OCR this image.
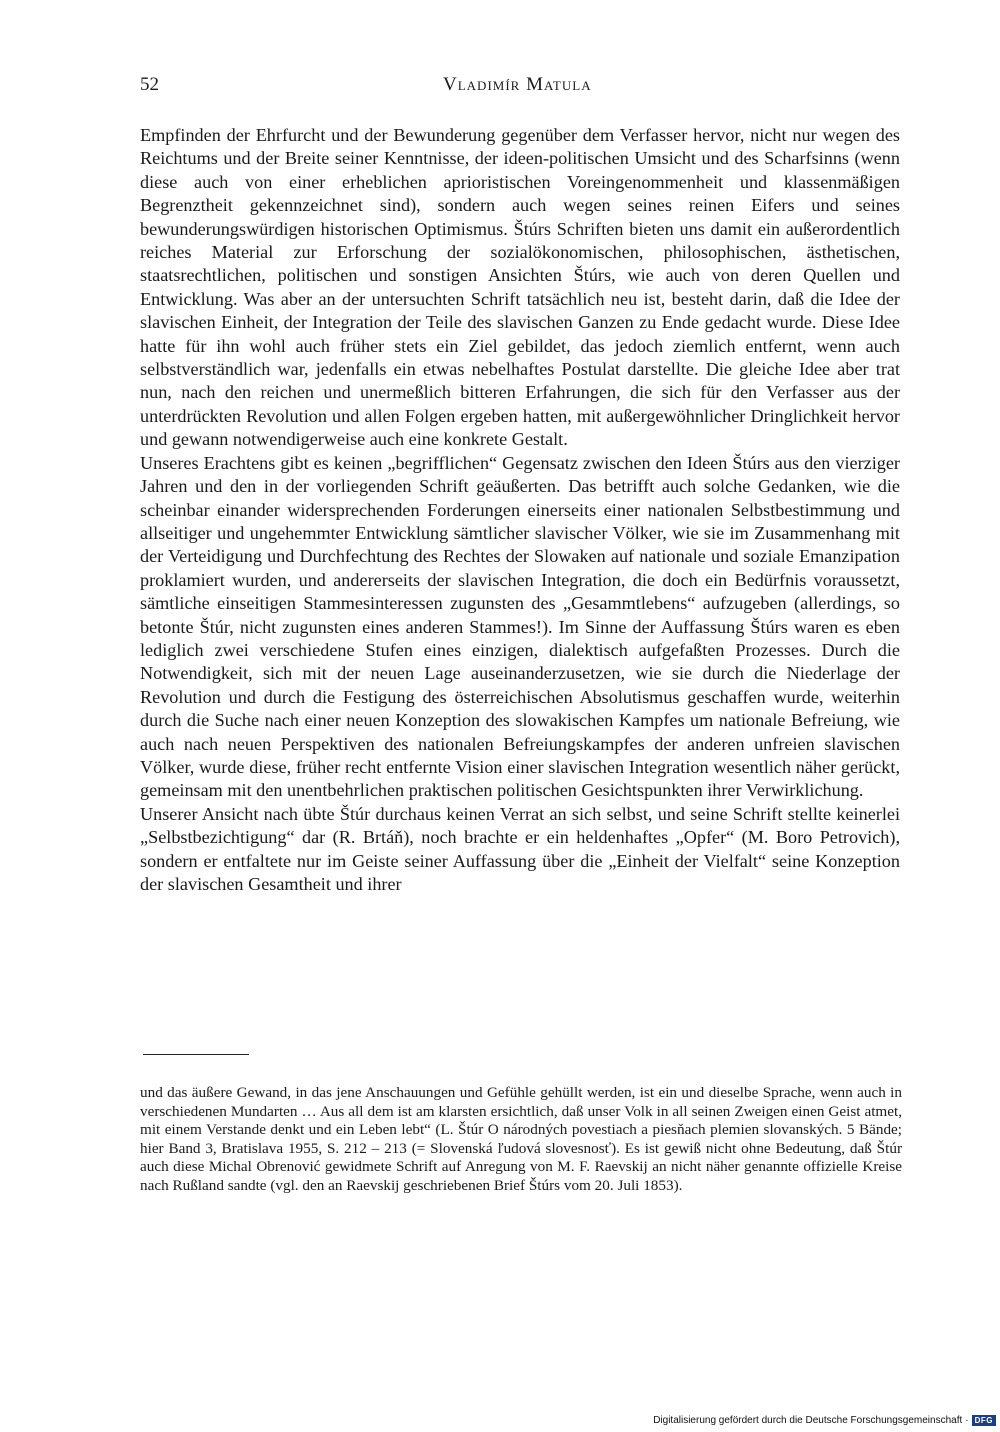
52	Vladimír Matula

Empfinden der Ehrfurcht und der Bewunderung gegenüber dem Verfasser hervor, nicht nur wegen des Reichtums und der Breite seiner Kenntnisse, der ideen-politischen Umsicht und des Scharfsinns (wenn diese auch von einer erheblichen aprioristischen Voreingenommenheit und klassenmäßigen Begrenztheit gekennzeichnet sind), sondern auch wegen seines reinen Eifers und seines bewunderungswürdigen historischen Optimismus. Štúrs Schriften bieten uns damit ein außerordentlich reiches Material zur Erforschung der sozialökonomischen, philosophischen, ästhetischen, staatsrechtlichen, politischen und sonstigen Ansichten Štúrs, wie auch von deren Quellen und Entwicklung. Was aber an der untersuchten Schrift tatsächlich neu ist, besteht darin, daß die Idee der slavischen Einheit, der Integration der Teile des slavischen Ganzen zu Ende gedacht wurde. Diese Idee hatte für ihn wohl auch früher stets ein Ziel gebildet, das jedoch ziemlich entfernt, wenn auch selbstverständlich war, jedenfalls ein etwas nebelhaftes Postulat darstellte. Die gleiche Idee aber trat nun, nach den reichen und unermeßlich bitteren Erfahrungen, die sich für den Verfasser aus der unterdrückten Revolution und allen Folgen ergeben hatten, mit außergewöhnlicher Dringlichkeit hervor und gewann notwendigerweise auch eine konkrete Gestalt.

Unseres Erachtens gibt es keinen „begrifflichen“ Gegensatz zwischen den Ideen Štúrs aus den vierziger Jahren und den in der vorliegenden Schrift geäußerten. Das betrifft auch solche Gedanken, wie die scheinbar einander widersprechenden Forderungen einerseits einer nationalen Selbstbestimmung und allseitiger und ungehemmter Entwicklung sämtlicher slavischer Völker, wie sie im Zusammenhang mit der Verteidigung und Durchfechtung des Rechtes der Slowaken auf nationale und soziale Emanzipation proklamiert wurden, und andererseits der slavischen Integration, die doch ein Bedürfnis voraussetzt, sämtliche einseitigen Stammesinteressen zugunsten des „Gesammtlebens“ aufzugeben (allerdings, so betonte Štúr, nicht zugunsten eines anderen Stammes!). Im Sinne der Auffassung Štúrs waren es eben lediglich zwei verschiedene Stufen eines einzigen, dialektisch aufgefaßten Prozesses. Durch die Notwendigkeit, sich mit der neuen Lage auseinanderzusetzen, wie sie durch die Niederlage der Revolution und durch die Festigung des österreichischen Absolutismus geschaffen wurde, weiterhin durch die Suche nach einer neuen Konzeption des slowakischen Kampfes um nationale Befreiung, wie auch nach neuen Perspektiven des nationalen Befreiungskampfes der anderen unfreien slavischen Völker, wurde diese, früher recht entfernte Vision einer slavischen Integration wesentlich näher gerückt, gemeinsam mit den unentbehrlichen praktischen politischen Gesichtspunkten ihrer Verwirklichung.

Unserer Ansicht nach übte Štúr durchaus keinen Verrat an sich selbst, und seine Schrift stellte keinerlei „Selbstbezichtigung“ dar (R. Brtáň), noch brachte er ein heldenhaftes „Opfer“ (M. Boro Petrovich), sondern er entfaltete nur im Geiste seiner Auffassung über die „Einheit der Vielfalt“ seine Konzeption der slavischen Gesamtheit und ihrer

und das äußere Gewand, in das jene Anschauungen und Gefühle gehüllt werden, ist ein und dieselbe Sprache, wenn auch in verschiedenen Mundarten … Aus all dem ist am klarsten ersichtlich, daß unser Volk in all seinen Zweigen einen Geist atmet, mit einem Verstande denkt und ein Leben lebt“ (L. Štúr O národných povestiach a piesňach plemien slovanských. 5 Bände; hier Band 3, Bratislava 1955, S. 212 – 213 (= Slovenská ľudová slovesnosť). Es ist gewiß nicht ohne Bedeutung, daß Štúr auch diese Michal Obrenović gewidmete Schrift auf Anregung von M. F. Raevskij an nicht näher genannte offizielle Kreise nach Rußland sandte (vgl. den an Raevskij geschriebenen Brief Štúrs vom 20. Juli 1853).

Digitalisierung gefördert durch die Deutsche Forschungsgemeinschaft · DFG
